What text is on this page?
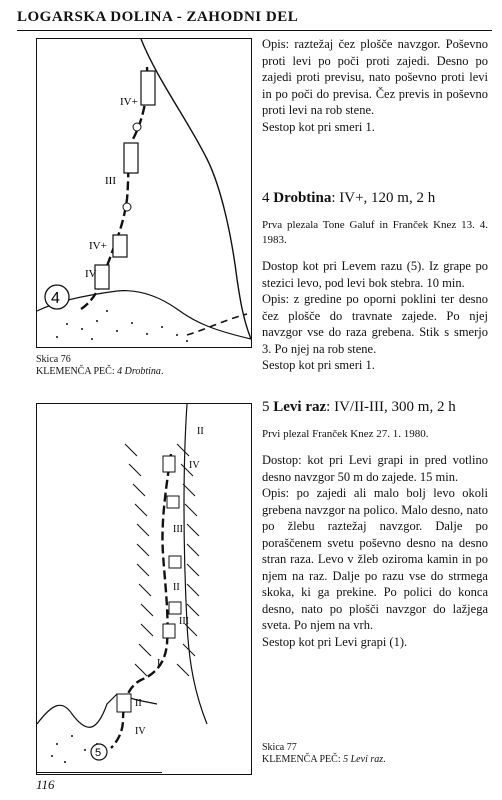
LOGARSKA DOLINA - ZAHODNI DEL
IV+
III
IV+
IV
4
Skica 76
KLEMENČA PEČ: 4 Drobtina.
II
IV
III
II
III
I
II
IV
5

Opis: raztežaj čez plošče navzgor. Poševno proti levi po poči proti zajedi. Desno po zajedi proti previsu, nato poševno proti levi in po poči do previsa. Čez previs in poševno proti levi na rob stene.

Sestop kot pri smeri 1.

4 Drobtina: IV+, 120 m, 2 h

Prva plezala Tone Galuf in Franček Knez 13. 4. 1983.

Dostop kot pri Levem razu (5). Iz grape po stezici levo, pod levi bok stebra. 10 min.

Opis: z gredine po oporni poklini ter desno čez plošče do travnate zajede. Po njej navzgor vse do raza grebena. Stik s smerjo 3. Po njej na rob stene.

Sestop kot pri smeri 1.

5 Levi raz: IV/II-III, 300 m, 2 h

Prvi plezal Franček Knez 27. 1. 1980.

Dostop: kot pri Levi grapi in pred votlino desno navzgor 50 m do zajede. 15 min.

Opis: po zajedi ali malo bolj levo okoli grebena navzgor na polico. Malo desno, nato po žlebu raztežaj navzgor. Dalje po poraščenem svetu poševno desno na desno stran raza. Levo v žleb oziroma kamin in po njem na raz. Dalje po razu vse do strmega skoka, ki ga prekine. Po polici do konca desno, nato po plošči navzgor do lažjega sveta. Po njem na vrh.

Sestop kot pri Levi grapi (1).

Skica 77
KLEMENČA PEČ: 5 Levi raz.
116
